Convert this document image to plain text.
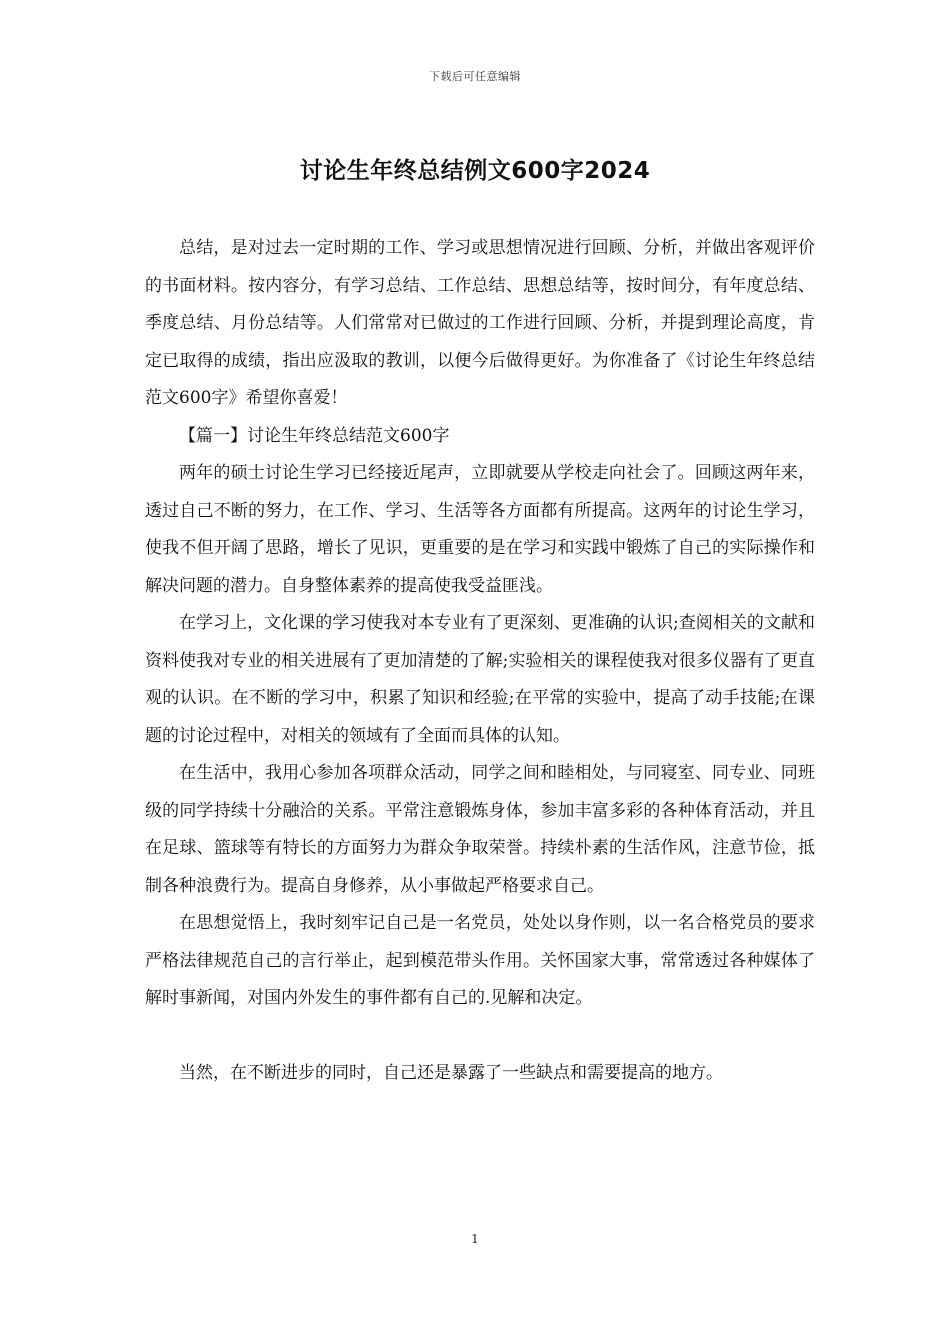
下载后可任意编辑
讨论生年终总结例文600字2024

总结，是对过去一定时期的工作、学习或思想情况进行回顾、分析，并做出客观评价的书面材料。按内容分，有学习总结、工作总结、思想总结等，按时间分，有年度总结、季度总结、月份总结等。人们常常对已做过的工作进行回顾、分析，并提到理论高度，肯定已取得的成绩，指出应汲取的教训，以便今后做得更好。为你准备了《讨论生年终总结范文600字》希望你喜爱！

【篇一】讨论生年终总结范文600字

两年的硕士讨论生学习已经接近尾声，立即就要从学校走向社会了。回顾这两年来，透过自己不断的努力，在工作、学习、生活等各方面都有所提高。这两年的讨论生学习，使我不但开阔了思路，增长了见识，更重要的是在学习和实践中锻炼了自己的实际操作和解决问题的潜力。自身整体素养的提高使我受益匪浅。

在学习上，文化课的学习使我对本专业有了更深刻、更准确的认识;查阅相关的文献和资料使我对专业的相关进展有了更加清楚的了解;实验相关的课程使我对很多仪器有了更直观的认识。在不断的学习中，积累了知识和经验;在平常的实验中，提高了动手技能;在课题的讨论过程中，对相关的领域有了全面而具体的认知。

在生活中，我用心参加各项群众活动，同学之间和睦相处，与同寝室、同专业、同班级的同学持续十分融洽的关系。平常注意锻炼身体，参加丰富多彩的各种体育活动，并且在足球、篮球等有特长的方面努力为群众争取荣誉。持续朴素的生活作风，注意节俭，抵制各种浪费行为。提高自身修养，从小事做起严格要求自己。

在思想觉悟上，我时刻牢记自己是一名党员，处处以身作则，以一名合格党员的要求严格法律规范自己的言行举止，起到模范带头作用。关怀国家大事，常常透过各种媒体了解时事新闻，对国内外发生的事件都有自己的.见解和决定。

当然，在不断进步的同时，自己还是暴露了一些缺点和需要提高的地方。

1
